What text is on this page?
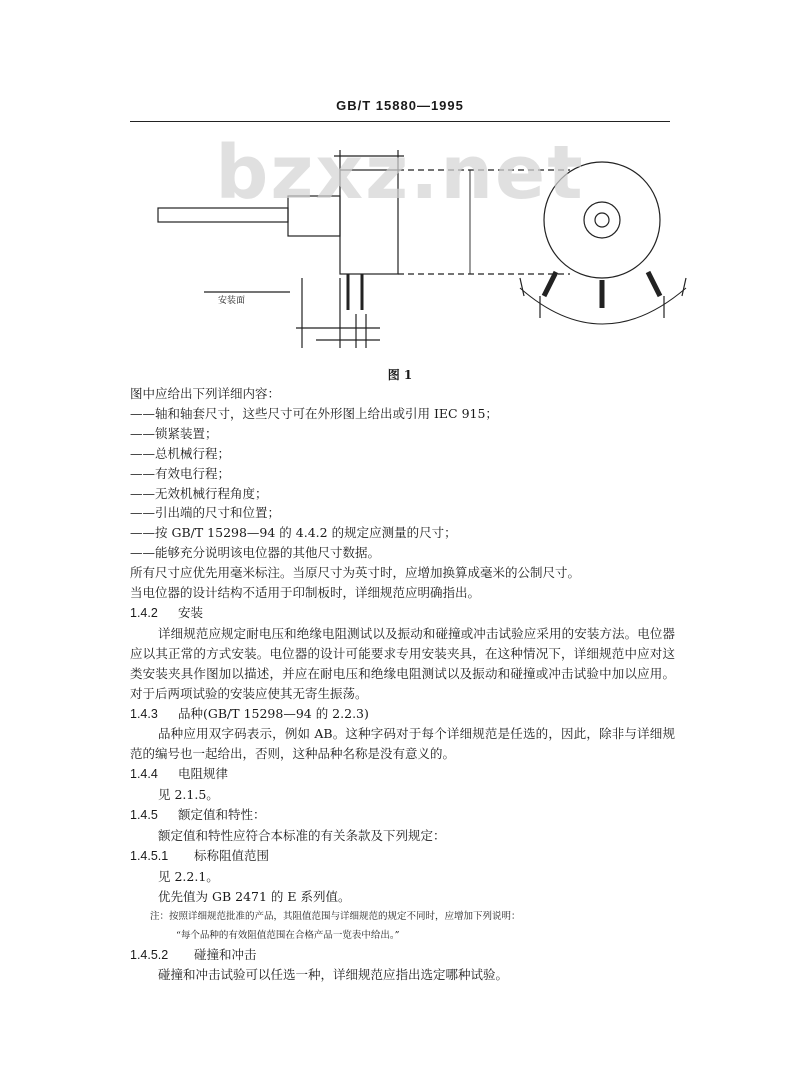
GB/T 15880—1995
bzxz.net
安装面
图 1

图中应给出下列详细内容：

——轴和轴套尺寸，这些尺寸可在外形图上给出或引用 IEC 915；

——锁紧装置；

——总机械行程；

——有效电行程；

——无效机械行程角度；

——引出端的尺寸和位置；

——按 GB/T 15298—94 的 4.4.2 的规定应测量的尺寸；

——能够充分说明该电位器的其他尺寸数据。

所有尺寸应优先用毫米标注。当原尺寸为英寸时，应增加换算成毫米的公制尺寸。

当电位器的设计结构不适用于印制板时，详细规范应明确指出。

1.4.2 安装

详细规范应规定耐电压和绝缘电阻测试以及振动和碰撞或冲击试验应采用的安装方法。电位器应以其正常的方式安装。电位器的设计可能要求专用安装夹具，在这种情况下，详细规范中应对这类安装夹具作图加以描述，并应在耐电压和绝缘电阻测试以及振动和碰撞或冲击试验中加以应用。对于后两项试验的安装应使其无寄生振荡。

1.4.3 品种(GB/T 15298—94 的 2.2.3)

品种应用双字码表示，例如 AB。这种字码对于每个详细规范是任选的，因此，除非与详细规范的编号也一起给出，否则，这种品种名称是没有意义的。

1.4.4 电阻规律

见 2.1.5。

1.4.5 额定值和特性：

额定值和特性应符合本标准的有关条款及下列规定：

1.4.5.1 标称阻值范围

见 2.2.1。

优先值为 GB 2471 的 E 系列值。

注：按照详细规范批准的产品，其阻值范围与详细规范的规定不同时，应增加下列说明：

“每个品种的有效阻值范围在合格产品一览表中给出。”

1.4.5.2 碰撞和冲击

碰撞和冲击试验可以任选一种，详细规范应指出选定哪种试验。
